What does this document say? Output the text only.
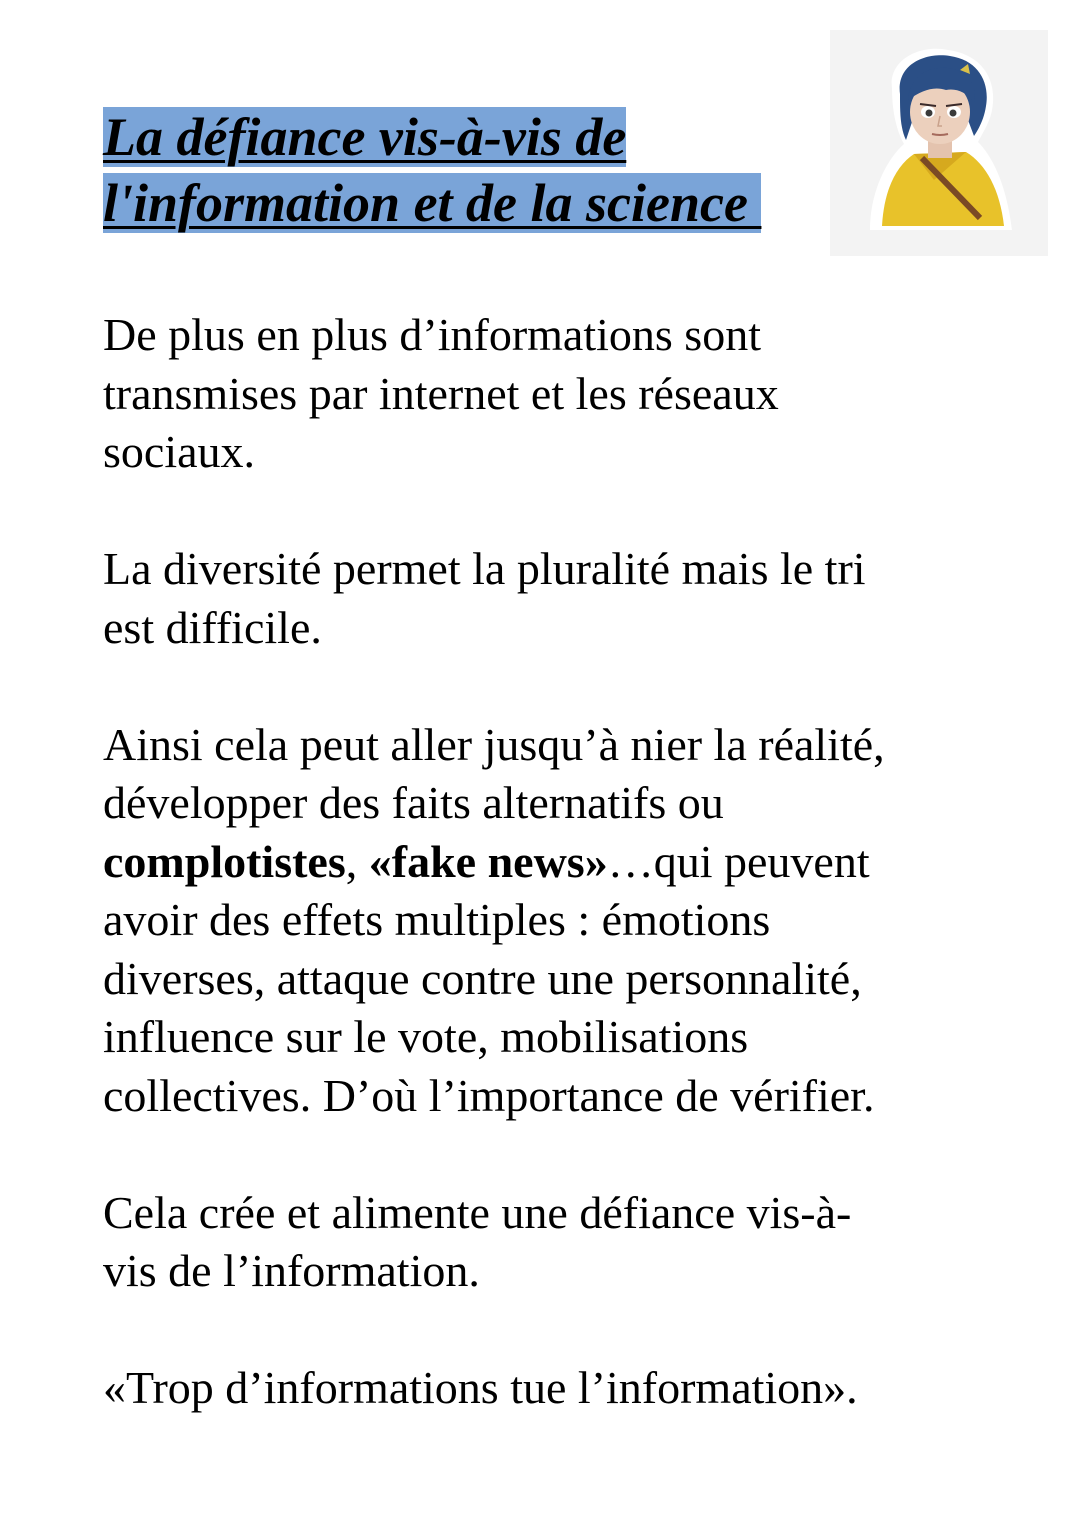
La défiance vis-à-vis de
l'information et de la science

De plus en plus d’informations sont
transmises par internet et les réseaux
sociaux.

La diversité permet la pluralité mais le tri
est difficile.

Ainsi cela peut aller jusqu’à nier la réalité,
développer des faits alternatifs ou
complotistes, «fake news»…qui peuvent
avoir des effets multiples : émotions
diverses, attaque contre une personnalité,
influence sur le vote, mobilisations
collectives. D’où l’importance de vérifier.

Cela crée et alimente une défiance vis-à-
vis de l’information.

«Trop d’informations tue l’information».
